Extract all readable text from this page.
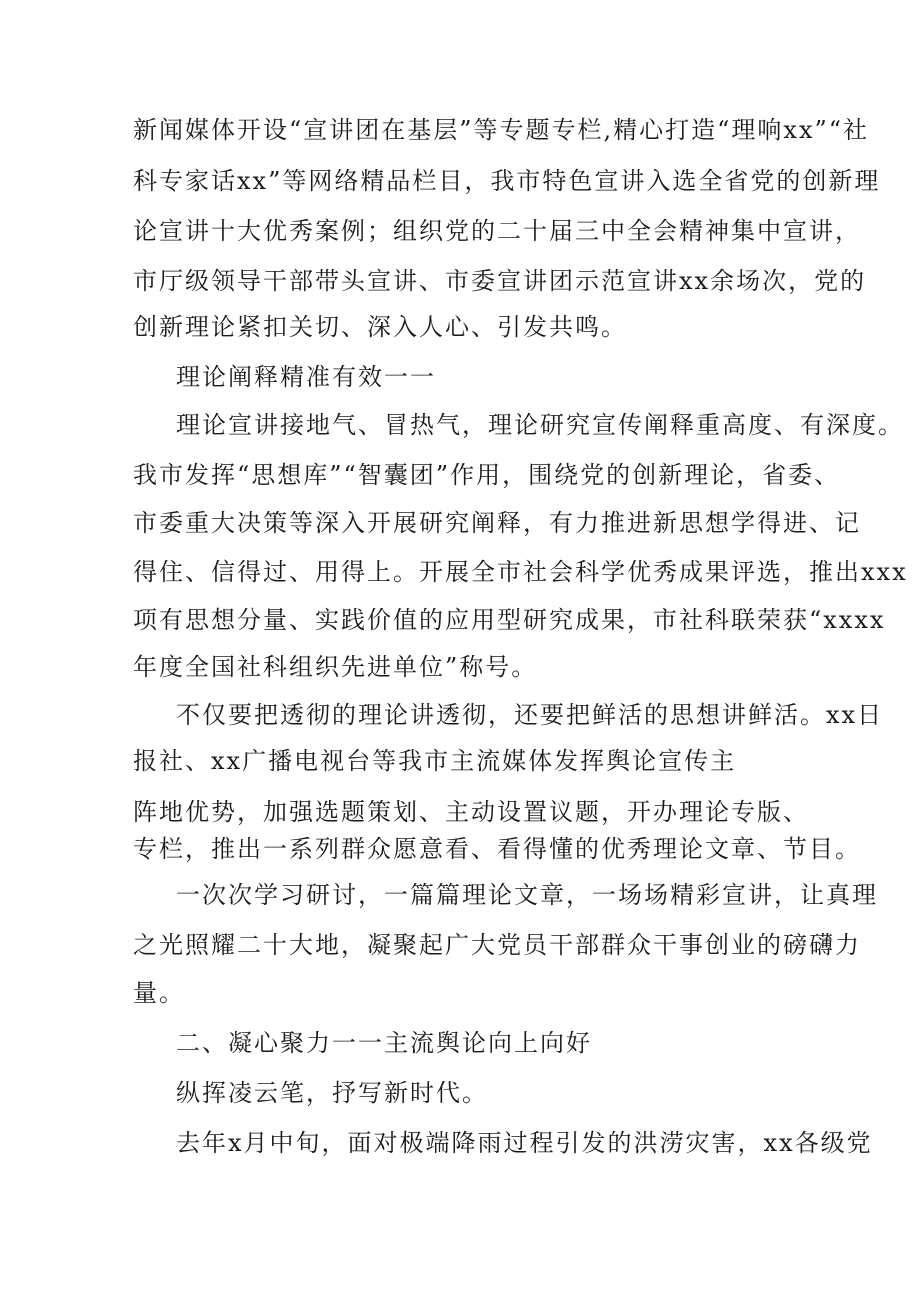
新闻媒体开设“宣讲团在基层”等专题专栏,精心打造“理响xx”“社

科专家话xx”等网络精品栏目，我市特色宣讲入选全省党的创新理

论宣讲十大优秀案例；组织党的二十届三中全会精神集中宣讲，

市厅级领导干部带头宣讲、市委宣讲团示范宣讲xx余场次，党的

创新理论紧扣关切、深入人心、引发共鸣。

理论阐释精准有效一一

理论宣讲接地气、冒热气，理论研究宣传阐释重高度、有深度。

我市发挥“思想库”“智囊团”作用，围绕党的创新理论，省委、

市委重大决策等深入开展研究阐释，有力推进新思想学得进、记

得住、信得过、用得上。开展全市社会科学优秀成果评选，推出xxx

项有思想分量、实践价值的应用型研究成果，市社科联荣获“xxxx

年度全国社科组织先进单位”称号。

不仅要把透彻的理论讲透彻，还要把鲜活的思想讲鲜活。xx日

报社、xx广播电视台等我市主流媒体发挥舆论宣传主

阵地优势，加强选题策划、主动设置议题，开办理论专版、

专栏，推出一系列群众愿意看、看得懂的优秀理论文章、节目。

一次次学习研讨，一篇篇理论文章，一场场精彩宣讲，让真理

之光照耀二十大地，凝聚起广大党员干部群众干事创业的磅礴力

量。

二、凝心聚力一一主流舆论向上向好

纵挥凌云笔，抒写新时代。

去年x月中旬，面对极端降雨过程引发的洪涝灾害，xx各级党
